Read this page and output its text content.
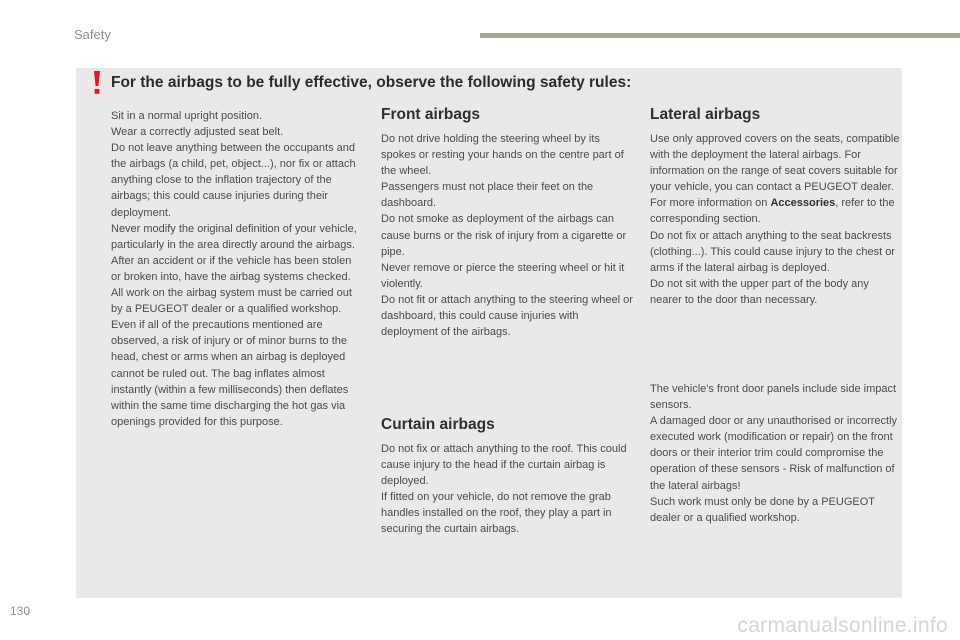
Safety
For the airbags to be fully effective, observe the following safety rules:

Sit in a normal upright position.

Wear a correctly adjusted seat belt.

Do not leave anything between the occupants and the airbags (a child, pet, object...), nor fix or attach anything close to the inflation trajectory of the airbags; this could cause injuries during their deployment.

Never modify the original definition of your vehicle, particularly in the area directly around the airbags.

After an accident or if the vehicle has been stolen or broken into, have the airbag systems checked.

All work on the airbag system must be carried out by a PEUGEOT dealer or a qualified workshop.

Even if all of the precautions mentioned are observed, a risk of injury or of minor burns to the head, chest or arms when an airbag is deployed cannot be ruled out. The bag inflates almost instantly (within a few milliseconds) then deflates within the same time discharging the hot gas via openings provided for this purpose.

Front airbags

Do not drive holding the steering wheel by its spokes or resting your hands on the centre part of the wheel.

Passengers must not place their feet on the dashboard.

Do not smoke as deployment of the airbags can cause burns or the risk of injury from a cigarette or pipe.

Never remove or pierce the steering wheel or hit it violently.

Do not fit or attach anything to the steering wheel or dashboard, this could cause injuries with deployment of the airbags.

Curtain airbags

Do not fix or attach anything to the roof. This could cause injury to the head if the curtain airbag is deployed.

If fitted on your vehicle, do not remove the grab handles installed on the roof, they play a part in securing the curtain airbags.

Lateral airbags

Use only approved covers on the seats, compatible with the deployment the lateral airbags. For information on the range of seat covers suitable for your vehicle, you can contact a PEUGEOT dealer.

For more information on Accessories, refer to the corresponding section.

Do not fix or attach anything to the seat backrests (clothing...). This could cause injury to the chest or arms if the lateral airbag is deployed.

Do not sit with the upper part of the body any nearer to the door than necessary.

The vehicle's front door panels include side impact sensors.

A damaged door or any unauthorised or incorrectly executed work (modification or repair) on the front doors or their interior trim could compromise the operation of these sensors - Risk of malfunction of the lateral airbags!

Such work must only be done by a PEUGEOT dealer or a qualified workshop.

130
carmanualsonline.info
